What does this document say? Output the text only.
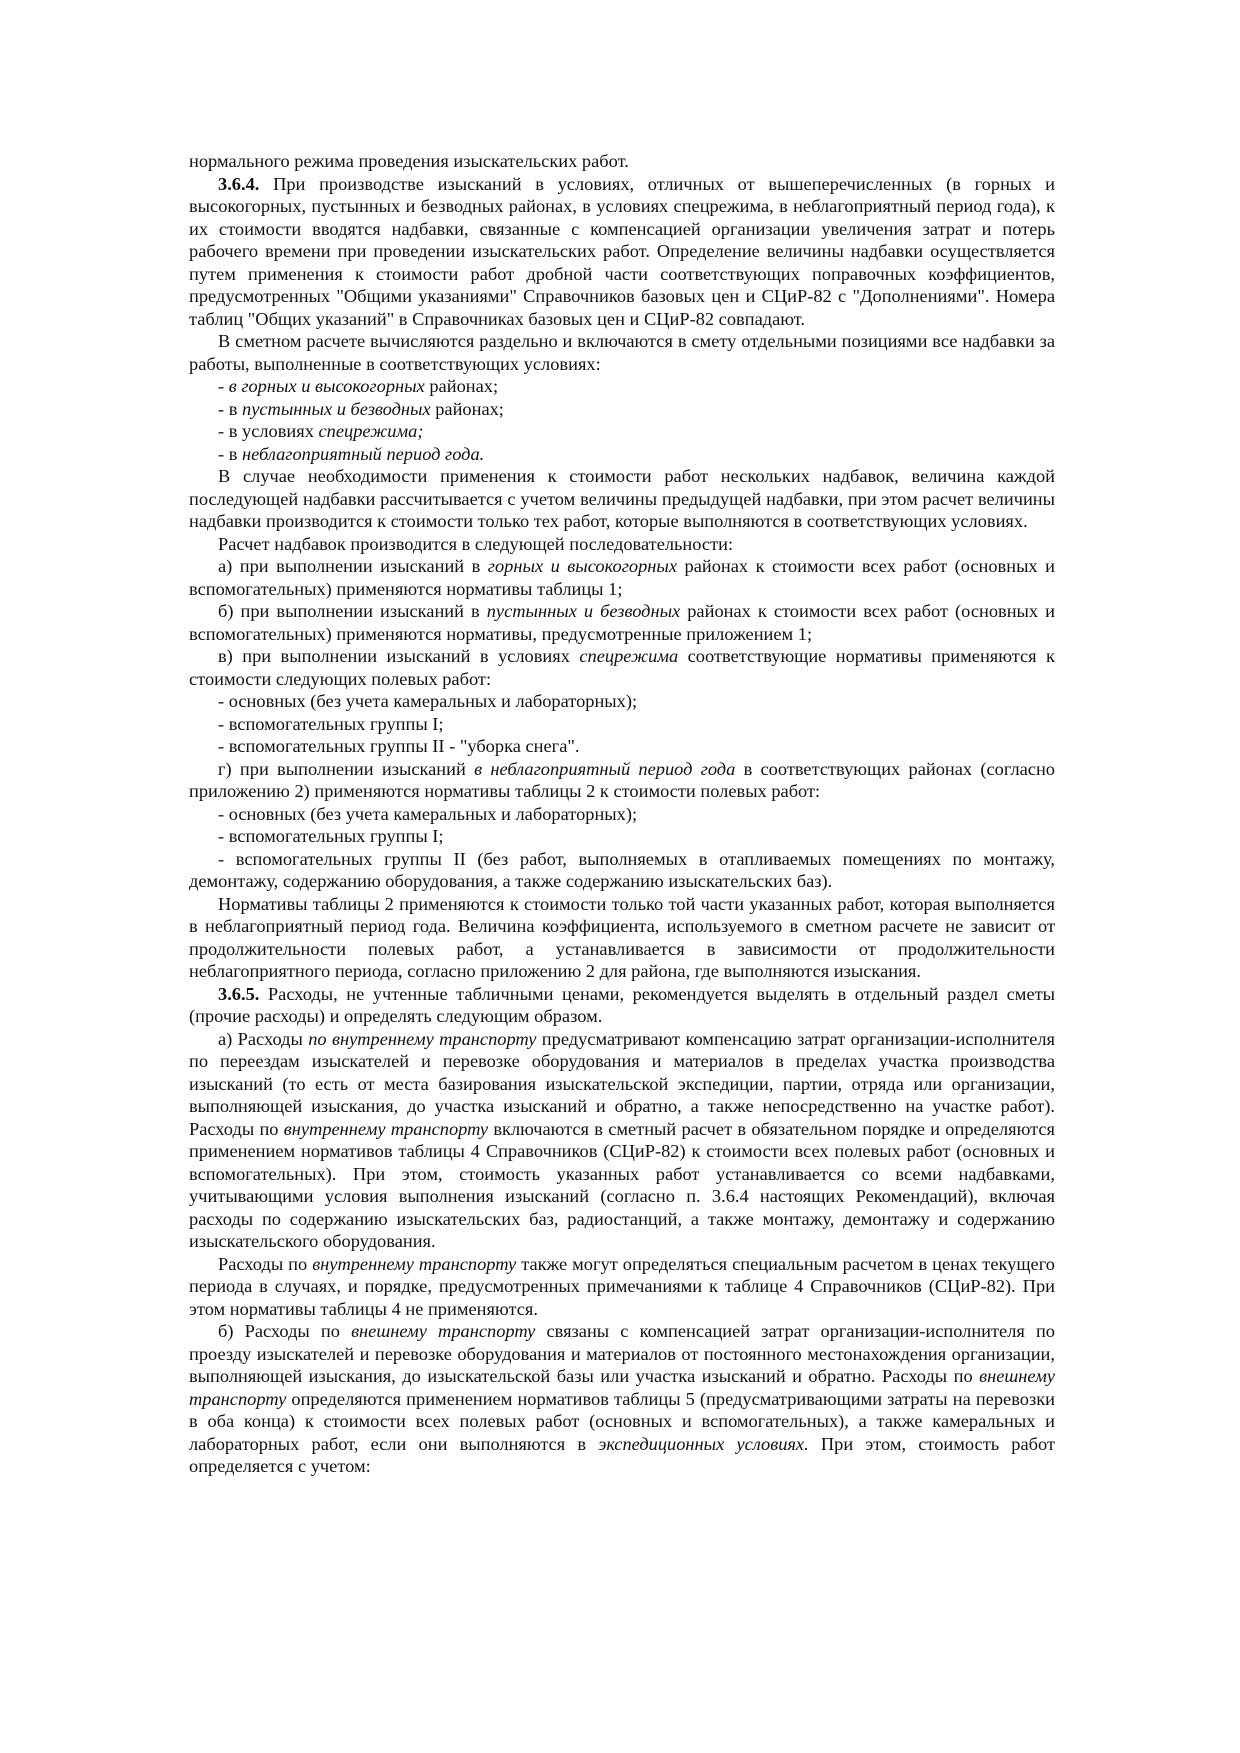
нормального режима проведения изыскательских работ.

3.6.4. При производстве изысканий в условиях, отличных от вышеперечисленных (в горных и высокогорных, пустынных и безводных районах, в условиях спецрежима, в неблагоприятный период года), к их стоимости вводятся надбавки, связанные с компенсацией организации увеличения затрат и потерь рабочего времени при проведении изыскательских работ. Определение величины надбавки осуществляется путем применения к стоимости работ дробной части соответствующих поправочных коэффициентов, предусмотренных "Общими указаниями" Справочников базовых цен и СЦиР-82 с "Дополнениями". Номера таблиц "Общих указаний" в Справочниках базовых цен и СЦиР-82 совпадают.

В сметном расчете вычисляются раздельно и включаются в смету отдельными позициями все надбавки за работы, выполненные в соответствующих условиях:

- в горных и высокогорных районах;

- в пустынных и безводных районах;

- в условиях спецрежима;

- в неблагоприятный период года.

В случае необходимости применения к стоимости работ нескольких надбавок, величина каждой последующей надбавки рассчитывается с учетом величины предыдущей надбавки, при этом расчет величины надбавки производится к стоимости только тех работ, которые выполняются в соответствующих условиях.

Расчет надбавок производится в следующей последовательности:

а) при выполнении изысканий в горных и высокогорных районах к стоимости всех работ (основных и вспомогательных) применяются нормативы таблицы 1;

б) при выполнении изысканий в пустынных и безводных районах к стоимости всех работ (основных и вспомогательных) применяются нормативы, предусмотренные приложением 1;

в) при выполнении изысканий в условиях спецрежима соответствующие нормативы применяются к стоимости следующих полевых работ:

- основных (без учета камеральных и лабораторных);

- вспомогательных группы I;

- вспомогательных группы II - "уборка снега".

г) при выполнении изысканий в неблагоприятный период года в соответствующих районах (согласно приложению 2) применяются нормативы таблицы 2 к стоимости полевых работ:

- основных (без учета камеральных и лабораторных);

- вспомогательных группы I;

- вспомогательных группы II (без работ, выполняемых в отапливаемых помещениях по монтажу, демонтажу, содержанию оборудования, а также содержанию изыскательских баз).

Нормативы таблицы 2 применяются к стоимости только той части указанных работ, которая выполняется в неблагоприятный период года. Величина коэффициента, используемого в сметном расчете не зависит от продолжительности полевых работ, а устанавливается в зависимости от продолжительности неблагоприятного периода, согласно приложению 2 для района, где выполняются изыскания.

3.6.5. Расходы, не учтенные табличными ценами, рекомендуется выделять в отдельный раздел сметы (прочие расходы) и определять следующим образом.

а) Расходы по внутреннему транспорту предусматривают компенсацию затрат организации-исполнителя по переездам изыскателей и перевозке оборудования и материалов в пределах участка производства изысканий (то есть от места базирования изыскательской экспедиции, партии, отряда или организации, выполняющей изыскания, до участка изысканий и обратно, а также непосредственно на участке работ). Расходы по внутреннему транспорту включаются в сметный расчет в обязательном порядке и определяются применением нормативов таблицы 4 Справочников (СЦиР-82) к стоимости всех полевых работ (основных и вспомогательных). При этом, стоимость указанных работ устанавливается со всеми надбавками, учитывающими условия выполнения изысканий (согласно п. 3.6.4 настоящих Рекомендаций), включая расходы по содержанию изыскательских баз, радиостанций, а также монтажу, демонтажу и содержанию изыскательского оборудования.

Расходы по внутреннему транспорту также могут определяться специальным расчетом в ценах текущего периода в случаях, и порядке, предусмотренных примечаниями к таблице 4 Справочников (СЦиР-82). При этом нормативы таблицы 4 не применяются.

б) Расходы по внешнему транспорту связаны с компенсацией затрат организации-исполнителя по проезду изыскателей и перевозке оборудования и материалов от постоянного местонахождения организации, выполняющей изыскания, до изыскательской базы или участка изысканий и обратно. Расходы по внешнему транспорту определяются применением нормативов таблицы 5 (предусматривающими затраты на перевозки в оба конца) к стоимости всех полевых работ (основных и вспомогательных), а также камеральных и лабораторных работ, если они выполняются в экспедиционных условиях. При этом, стоимость работ определяется с учетом:
